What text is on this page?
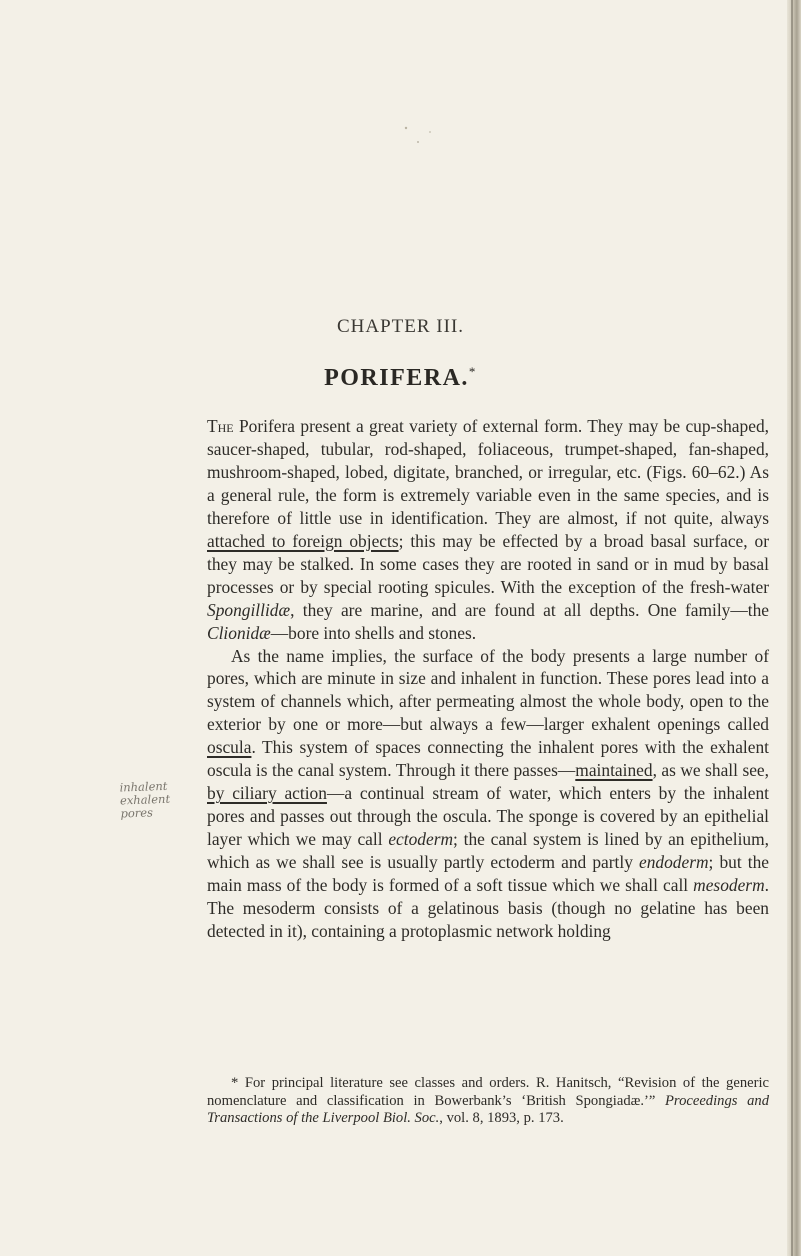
CHAPTER III.
PORIFERA.*
inhalent
exhalent pores

The Porifera present a great variety of external form. They may be cup-shaped, saucer-shaped, tubular, rod-shaped, foliaceous, trumpet-shaped, fan-shaped, mushroom-shaped, lobed, digitate, branched, or irregular, etc. (Figs. 60–62.) As a general rule, the form is extremely variable even in the same species, and is therefore of little use in identification. They are almost, if not quite, always attached to foreign objects; this may be effected by a broad basal surface, or they may be stalked. In some cases they are rooted in sand or in mud by basal processes or by special rooting spicules. With the exception of the fresh-water Spongillidæ, they are marine, and are found at all depths. One family—the Clionidæ—bore into shells and stones.

As the name implies, the surface of the body presents a large number of pores, which are minute in size and inhalent in function. These pores lead into a system of channels which, after permeating almost the whole body, open to the exterior by one or more—but always a few—larger exhalent openings called oscula. This system of spaces connecting the inhalent pores with the exhalent oscula is the canal system. Through it there passes—maintained, as we shall see, by ciliary action—a continual stream of water, which enters by the inhalent pores and passes out through the oscula. The sponge is covered by an epithelial layer which we may call ectoderm; the canal system is lined by an epithelium, which as we shall see is usually partly ectoderm and partly endoderm; but the main mass of the body is formed of a soft tissue which we shall call mesoderm. The mesoderm consists of a gelatinous basis (though no gelatine has been detected in it), containing a protoplasmic network holding

* For principal literature see classes and orders. R. Hanitsch, “Revision of the generic nomenclature and classification in Bowerbank’s ‘British Spongiadæ.’” Proceedings and Transactions of the Liverpool Biol. Soc., vol. 8, 1893, p. 173.
